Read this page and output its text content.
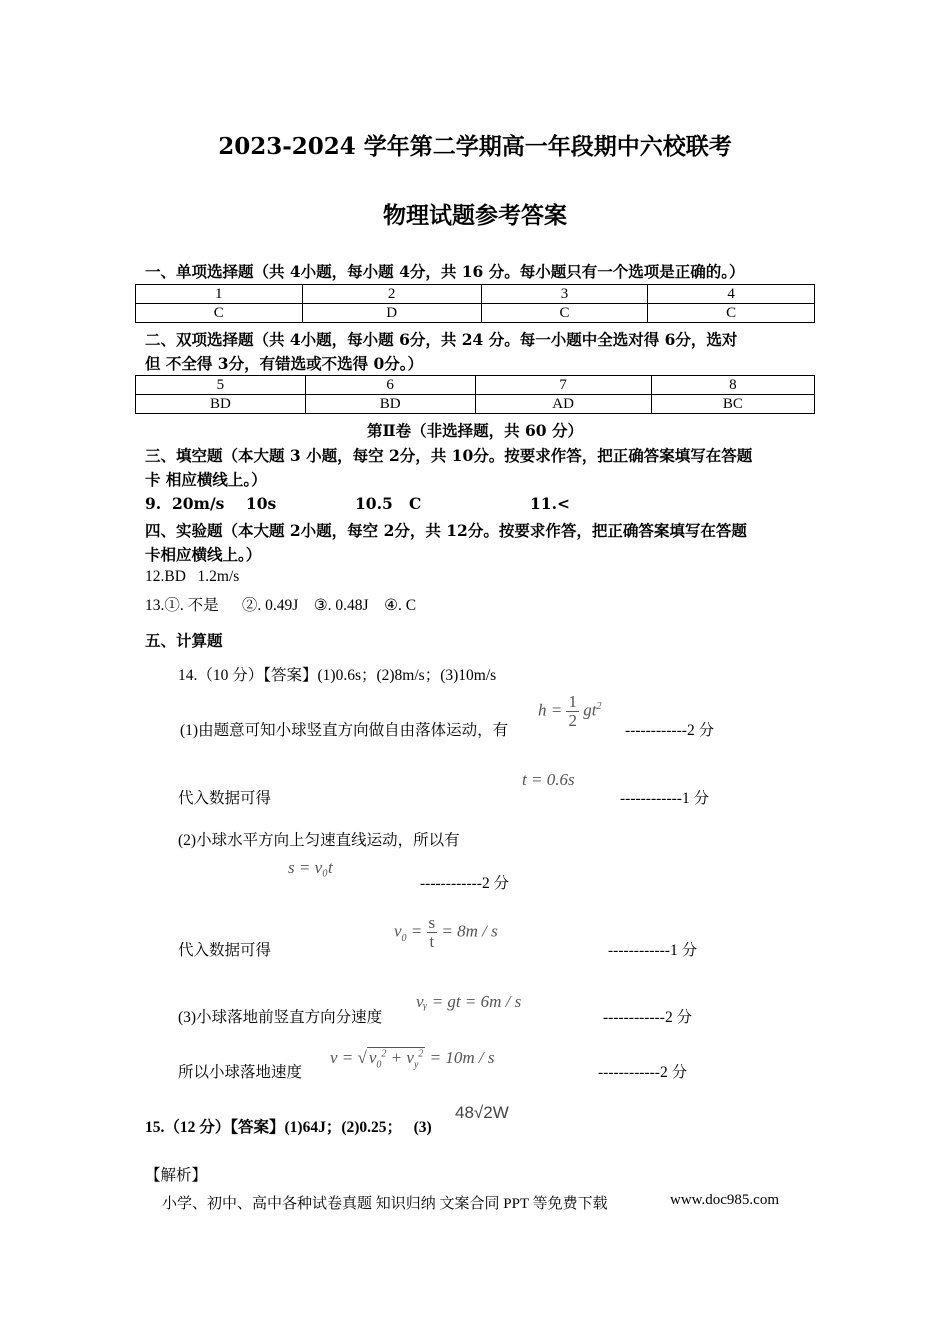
2023-2024 学年第二学期高一年段期中六校联考
物理试题参考答案
一、单项选择题（共 4小题，每小题 4分，共 16 分。每小题只有一个选项是正确的。）
1	2	3	4
C	D	C	C
二、双项选择题（共 4小题，每小题 6分，共 24 分。每一小题中全选对得 6分，选对
但 不全得 3分，有错选或不选得 0分。）
5	6	7	8
BD	BD	AD	BC
第Ⅱ卷（非选择题，共 60 分）
三、填空题（本大题 3 小题，每空 2分，共 10分。按要求作答，把正确答案填写在答题
卡 相应横线上。）
9.  20m/s    10s	10.5   C	11.<
四、实验题（本大题 2小题，每空 2分，共 12分。按要求作答，把正确答案填写在答题
卡相应横线上。）
12.BD   1.2m/s
13.①. 不是      ②. 0.49J    ③. 0.48J    ④. C
五、计算题
14.（10 分）【答案】(1)0.6s；(2)8m/s；(3)10m/s
(1)由题意可知小球竖直方向做自由落体运动，有
$h = \frac{1}{2} gt^2$
------------2 分
代入数据可得
t = 0.6s
------------1 分
(2)小球水平方向上匀速直线运动，所以有
s = v₀t
------------2 分
代入数据可得
$v_0 = \frac{s}{t} = 8m / s$
------------1 分
(3)小球落地前竖直方向分速度
vᵧ = gt = 6m / s
------------2 分
所以小球落地速度
v = √ $v_0^2 + v_y^2 = 10m / s$
------------2 分
15.（12 分）【答案】(1)64J；(2)0.25；   (3)
48√2W
【解析】
小学、初中、高中各种试卷真题 知识归纳 文案合同 PPT 等免费下载	www.doc985.com
